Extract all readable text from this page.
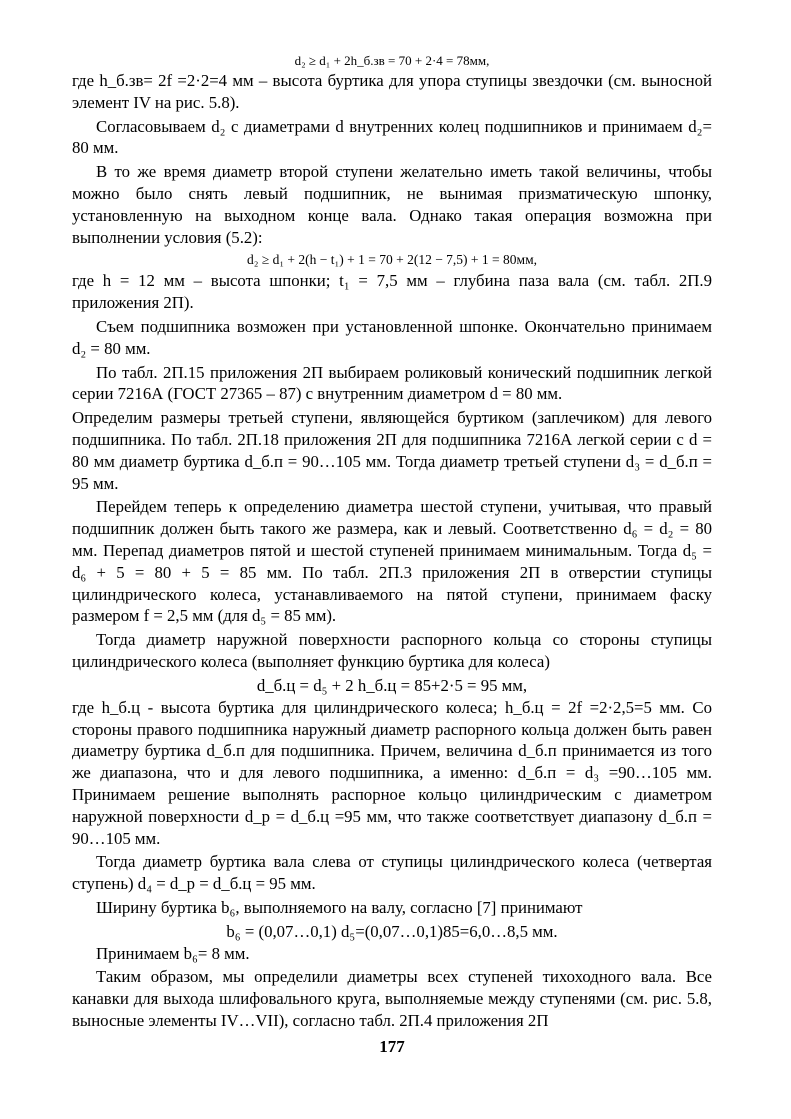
d₂ ≥ d₁ + 2h_б.зв = 70 + 2·4 = 78мм,

где h_б.зв= 2f =2·2=4 мм – высота буртика для упора ступицы звездочки (см. выносной элемент IV на рис. 5.8).

Согласовываем d₂ с диаметрами d внутренних колец подшипников и принимаем d₂= 80 мм.

В то же время диаметр второй ступени желательно иметь такой величины, чтобы можно было снять левый подшипник, не вынимая призматическую шпонку, установленную на выходном конце вала. Однако такая операция возможна при выполнении условия (5.2):

d₂ ≥ d₁ + 2(h − t₁) + 1 = 70 + 2(12 − 7,5) + 1 = 80мм,

где h = 12 мм – высота шпонки; t₁ = 7,5 мм – глубина паза вала (см. табл. 2П.9 приложения 2П).

Съем подшипника возможен при установленной шпонке. Окончательно принимаем d₂ = 80 мм.

По табл. 2П.15 приложения 2П выбираем роликовый конический подшипник легкой серии 7216А (ГОСТ 27365 – 87) с внутренним диаметром d = 80 мм.

Определим размеры третьей ступени, являющейся буртиком (заплечиком) для левого подшипника. По табл. 2П.18 приложения 2П для подшипника 7216А легкой серии с d = 80 мм диаметр буртика d_б.п = 90…105 мм. Тогда диаметр третьей ступени d₃ = d_б.п = 95 мм.

Перейдем теперь к определению диаметра шестой ступени, учитывая, что правый подшипник должен быть такого же размера, как и левый. Соответственно d₆ = d₂ = 80 мм. Перепад диаметров пятой и шестой ступеней принимаем минимальным. Тогда d₅ = d₆ + 5 = 80 + 5 = 85 мм. По табл. 2П.3 приложения 2П в отверстии ступицы цилиндрического колеса, устанавливаемого на пятой ступени, принимаем фаску размером f = 2,5 мм (для d₅ = 85 мм).

Тогда диаметр наружной поверхности распорного кольца со стороны ступицы цилиндрического колеса (выполняет функцию буртика для колеса)

d_б.ц = d₅ + 2 h_б.ц = 85+2·5 = 95 мм,

где h_б.ц - высота буртика для цилиндрического колеса; h_б.ц = 2f =2·2,5=5 мм. Со стороны правого подшипника наружный диаметр распорного кольца должен быть равен диаметру буртика d_б.п для подшипника. Причем, величина d_б.п принимается из того же диапазона, что и для левого подшипника, а именно: d_б.п = d₃ =90…105 мм. Принимаем решение выполнять распорное кольцо цилиндрическим с диаметром наружной поверхности d_р = d_б.ц =95 мм, что также соответствует диапазону d_б.п = 90…105 мм.

Тогда диаметр буртика вала слева от ступицы цилиндрического колеса (четвертая ступень) d₄ = d_р = d_б.ц = 95 мм.

Ширину буртика b₆, выполняемого на валу, согласно [7] принимают

b₆ = (0,07…0,1) d₅=(0,07…0,1)85=6,0…8,5 мм.

Принимаем b₆= 8 мм.

Таким образом, мы определили диаметры всех ступеней тихоходного вала. Все канавки для выхода шлифовального круга, выполняемые между ступенями (см. рис. 5.8, выносные элементы IV…VII), согласно табл. 2П.4 приложения 2П

177
